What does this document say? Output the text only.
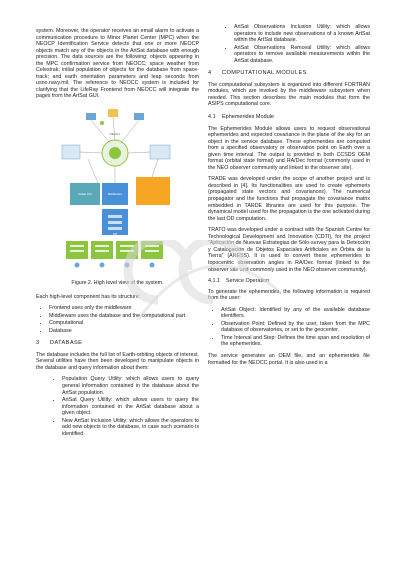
system. Moreover, the operator receives an email alarm to activate a communication procedure to Minor Planet Center (MPC) when the NEOCP Identification Service detects that one or more NEOCP objects match any of the objects in the ArtSat database with enough precision. The data sources are the following: objects appearing in the MPC confirmation service from NEOCC; space weather from Celestrak; initial population of objects for the database from space-track; and earth orientation parameters and leap seconds from usno.navy.mil. The reference to NEOCC system is included for clarifying that the LifeRay Frontend from NEOCC will integrate the pages from the ArtSat GUI.

NEOCC
ArtSat GUI	Middleware
DB

Figure 2. High level view of the system.

Each high-level component has its structure:

• Frontend uses only the middleware
• Middleware uses the database and the computational part
• Computational
• Database
3 DATABASE

The database includes the full list of Earth-orbiting objects of interest. Several utilities have then been developed to manipulate objects in the database and query information about them:

• Population Query Utility: which allows users to query general information contained in the database about the ArtSat population.
• ArtSat Query Utility: which allows users to query the information contained in the ArtSat database about a given object.
• New ArtSat Inclusion Utility: which allows the operators to add new objects to the database, in case such scenario is identified.
• ArtSat Observations Inclusion Utility: which allows operators to include new observations of a known ArtSat within the ArtSat database.
• ArtSat Observations Removal Utility: which allows operators to remove available measurements within the ArtSat database.
4 COMPUTATIONAL MODULES

The computational subsystem is organized into different FORTRAN modules, which are invoked by the middleware subsystem when needed. This section describes the main modules that form the ASIPS computational core.

4.1 Ephemerides Module

The Ephemerides Module allows users to request observational ephemerides and expected covariance in the plane of the sky for an object in the service database. These ephemerides are computed from a specified observatory or observation point on Earth over a given time interval. The output is provided in both CCSDS OEM format (orbital state format) and RA/Dec format (commonly used in the NEO observer community and linked to the observer site).

TRADE was developed under the scope of another project and is described in [4]. Its functionalities are used to create ephemeris (propagated state vectors and covariances). The numerical propagator and the functions that propagate the covariance matrix embedded in TARDE libraries are used for this purpose. The dynamical model used for the propagation is the one activated during the last OD computation.

TRATO was developed under a contract with the Spanish Centre for Technological Development and Innovation (CDTI), for the project “Aplicación de Nuevas Estrategias de Sólo-survey para la Detección y Catalogación de Objetos Espaciales Artificiales en Órbita de la Tierra” (ANESS). It is used to convert these ephemerides to topocentric observation angles in RA/Dec format (linked to the observer site and commonly used in the NEO observer community).

4.1.1 Service Operation

To generate the ephemerides, the following information is required from the user:

• ArtSat Object: Identified by any of the available database identifiers.
• Observation Point: Defined by the user, taken from the MPC database of observatories, or set to the geocenter.
• Time Interval and Step: Defines the time span and resolution of the ephemerides.

The service generates an OEM file, and an ephemerides file formatted for the NEOCC portal. It is also used in a
